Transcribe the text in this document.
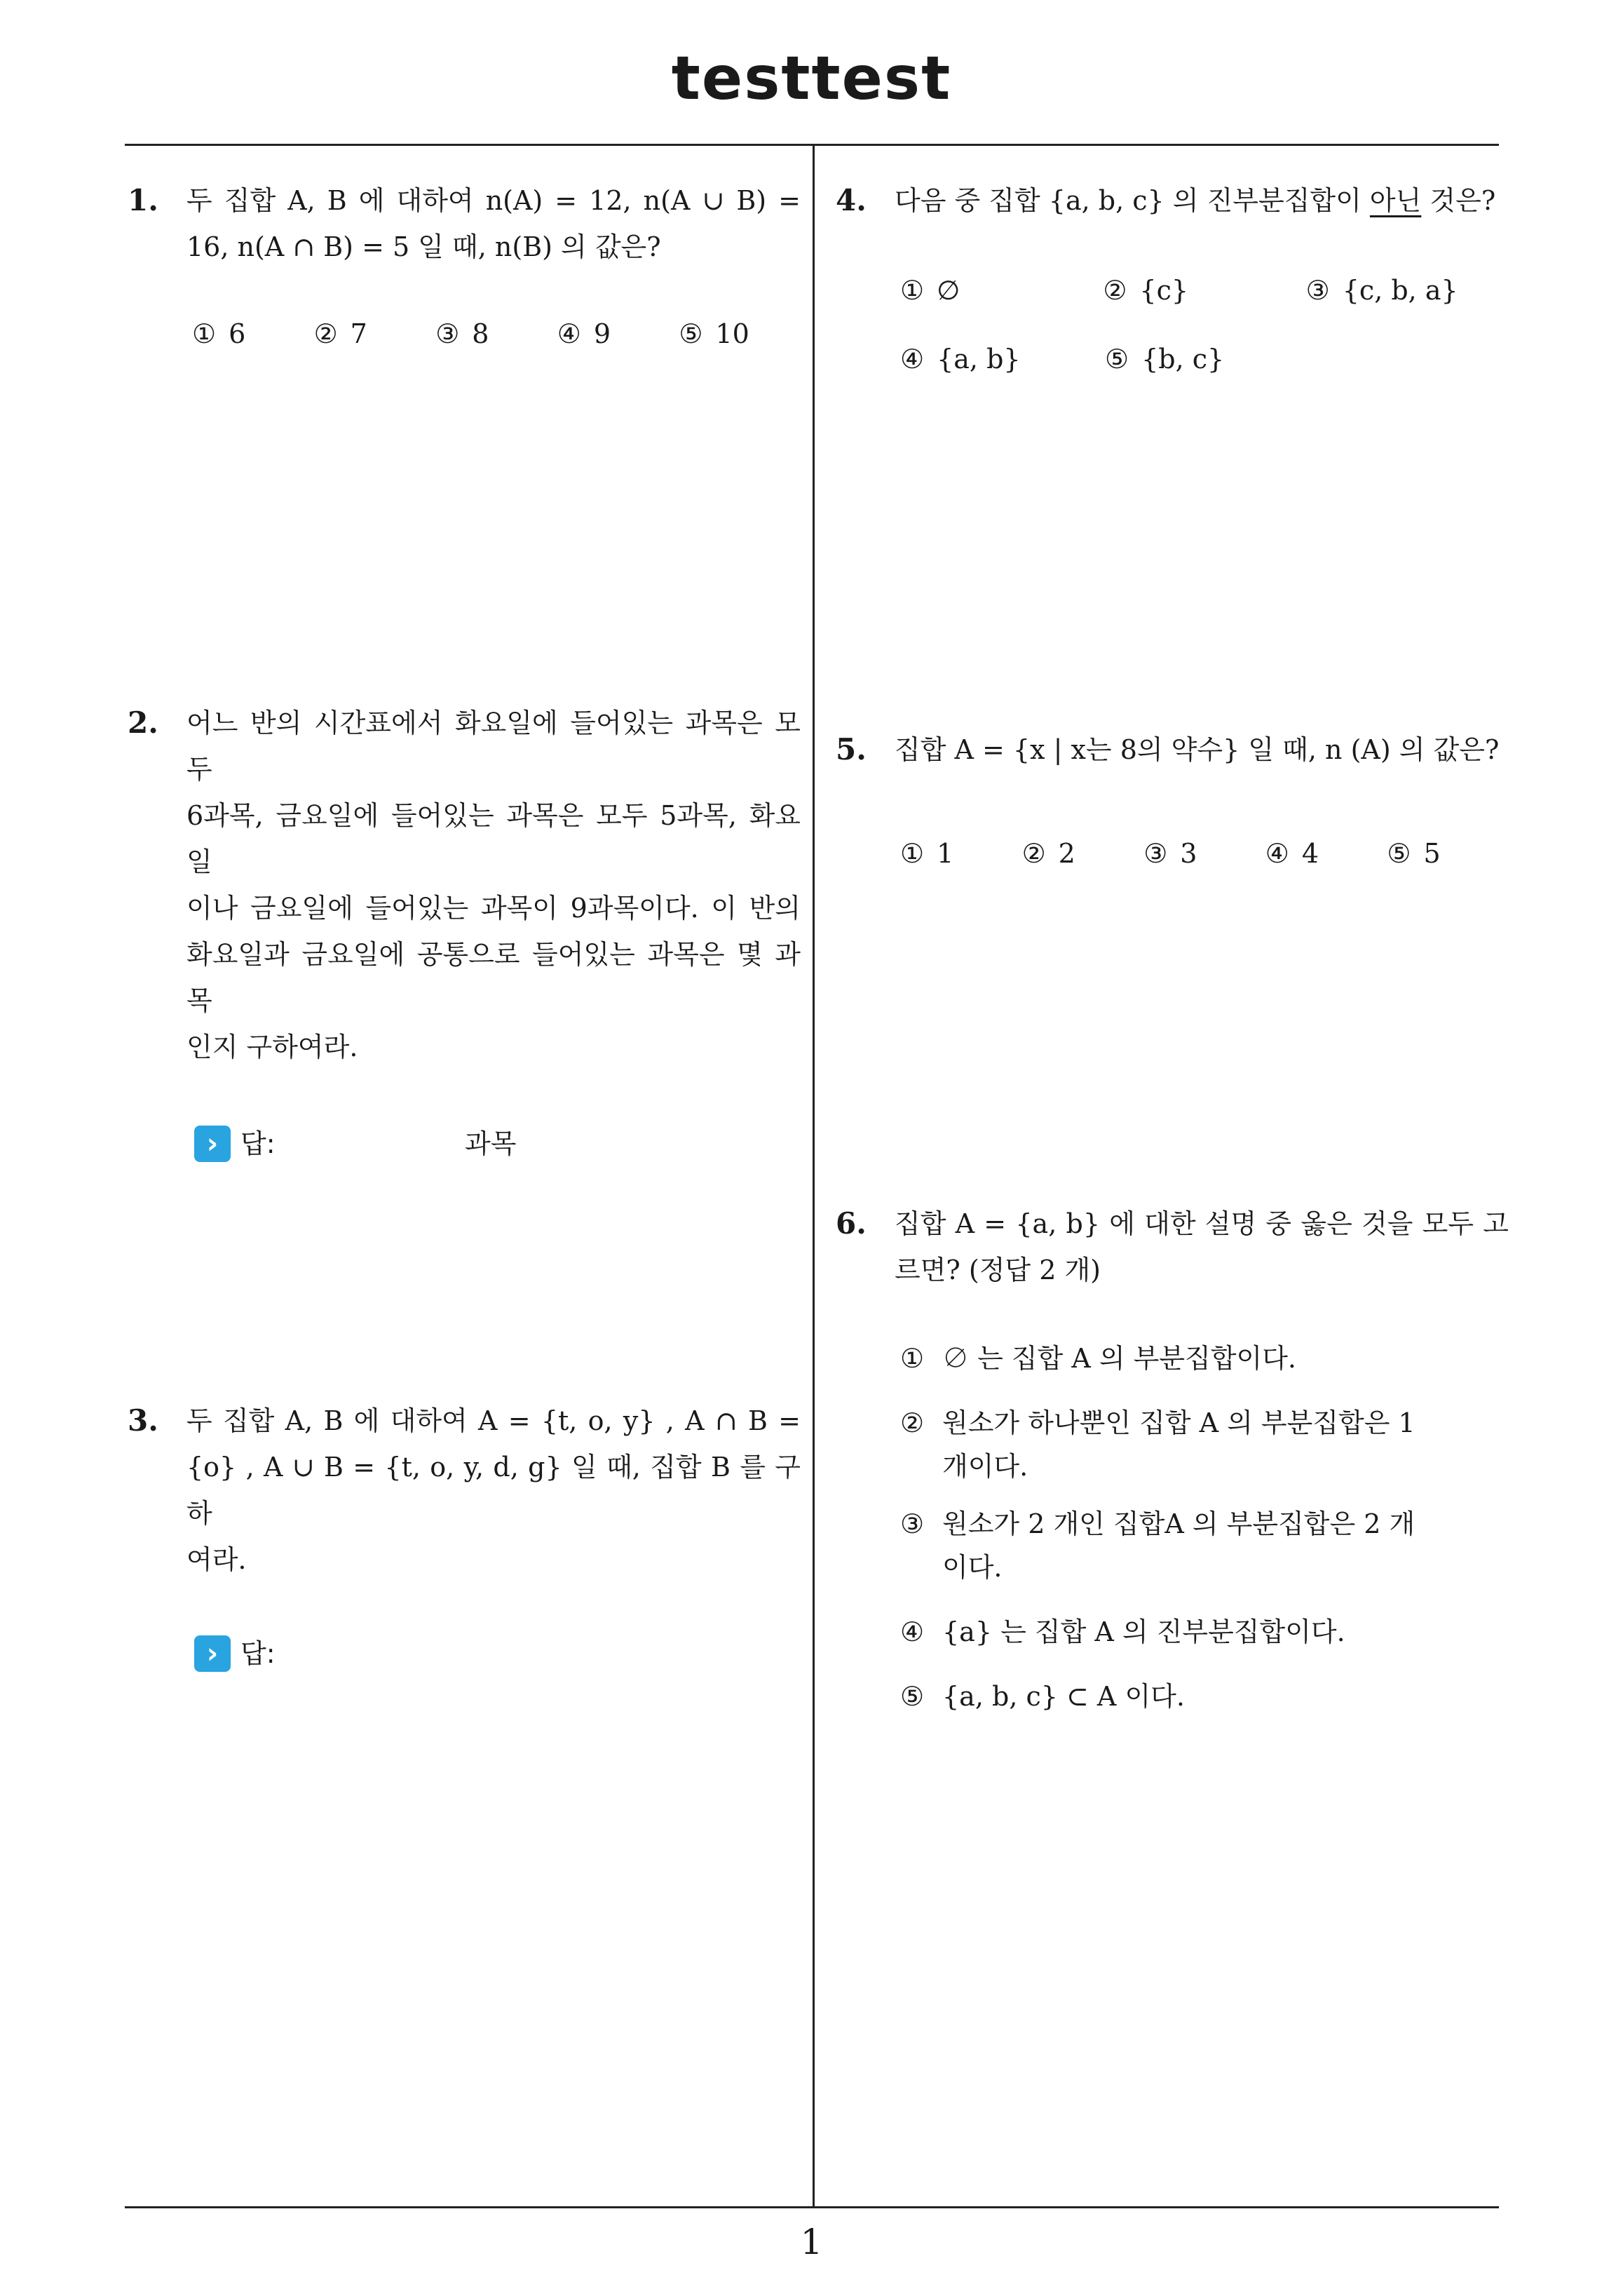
testtest
1
1. 두 집합 A, B 에 대하여 n(A) = 12, n(A ∪ B) =
16, n(A ∩ B) = 5 일 때, n(B) 의 값은?
① 6	② 7	③ 8	④ 9	⑤ 10
2. 어느 반의 시간표에서 화요일에 들어있는 과목은 모두
6과목, 금요일에 들어있는 과목은 모두 5과목, 화요일
이나 금요일에 들어있는 과목이 9과목이다. 이 반의
화요일과 금요일에 공통으로 들어있는 과목은 몇 과목
인지 구하여라.
› 답:	과목
3. 두 집합 A, B 에 대하여 A = {t, o, y} , A ∩ B =
{o} , A ∪ B = {t, o, y, d, g} 일 때, 집합 B 를 구하
여라.
› 답:
4. 다음 중 집합 {a, b, c} 의 진부분집합이 아닌 것은?
① ∅	② {c}	③ {c, b, a}
④ {a, b}	⑤ {b, c}
5. 집합 A = {x | x는 8의 약수} 일 때, n (A) 의 값은?
① 1	② 2	③ 3	④ 4	⑤ 5
6. 집합 A = {a, b} 에 대한 설명 중 옳은 것을 모두 고
르면? (정답 2 개)
① ∅ 는 집합 A 의 부분집합이다.
② 원소가 하나뿐인 집합 A 의 부분집합은 1 개이다.
③ 원소가 2 개인 집합A 의 부분집합은 2 개이다.
④ {a} 는 집합 A 의 진부분집합이다.
⑤ {a, b, c} ⊂ A 이다.
